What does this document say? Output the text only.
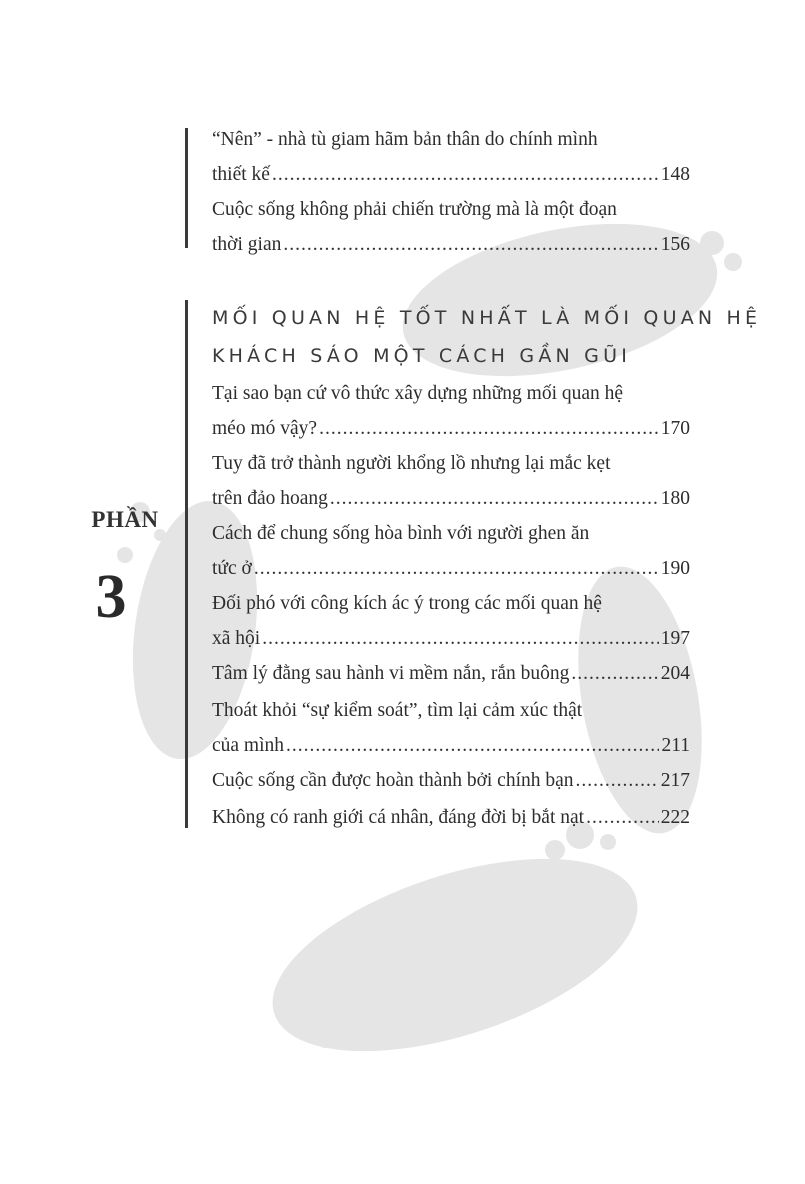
“Nên” - nhà tù giam hãm bản thân do chính mình
thiết kế .....	148
Cuộc sống không phải chiến trường mà là một đoạn
thời gian .....	156
PHẦN
3
MỐI QUAN HỆ TỐT NHẤT LÀ MỐI QUAN HỆ
KHÁCH SÁO MỘT CÁCH GẦN GŨI
Tại sao bạn cứ vô thức xây dựng những mối quan hệ
méo mó vậy? .....	170
Tuy đã trở thành người khổng lồ nhưng lại mắc kẹt
trên đảo hoang .....	180
Cách để chung sống hòa bình với người ghen ăn
tức ở .....	190
Đối phó với công kích ác ý trong các mối quan hệ
xã hội .....	197
Tâm lý đằng sau hành vi mềm nắn, rắn buông .....	204
Thoát khỏi “sự kiểm soát”, tìm lại cảm xúc thật
của mình .....	211
Cuộc sống cần được hoàn thành bởi chính bạn .....	217
Không có ranh giới cá nhân, đáng đời bị bắt nạt .....	222
